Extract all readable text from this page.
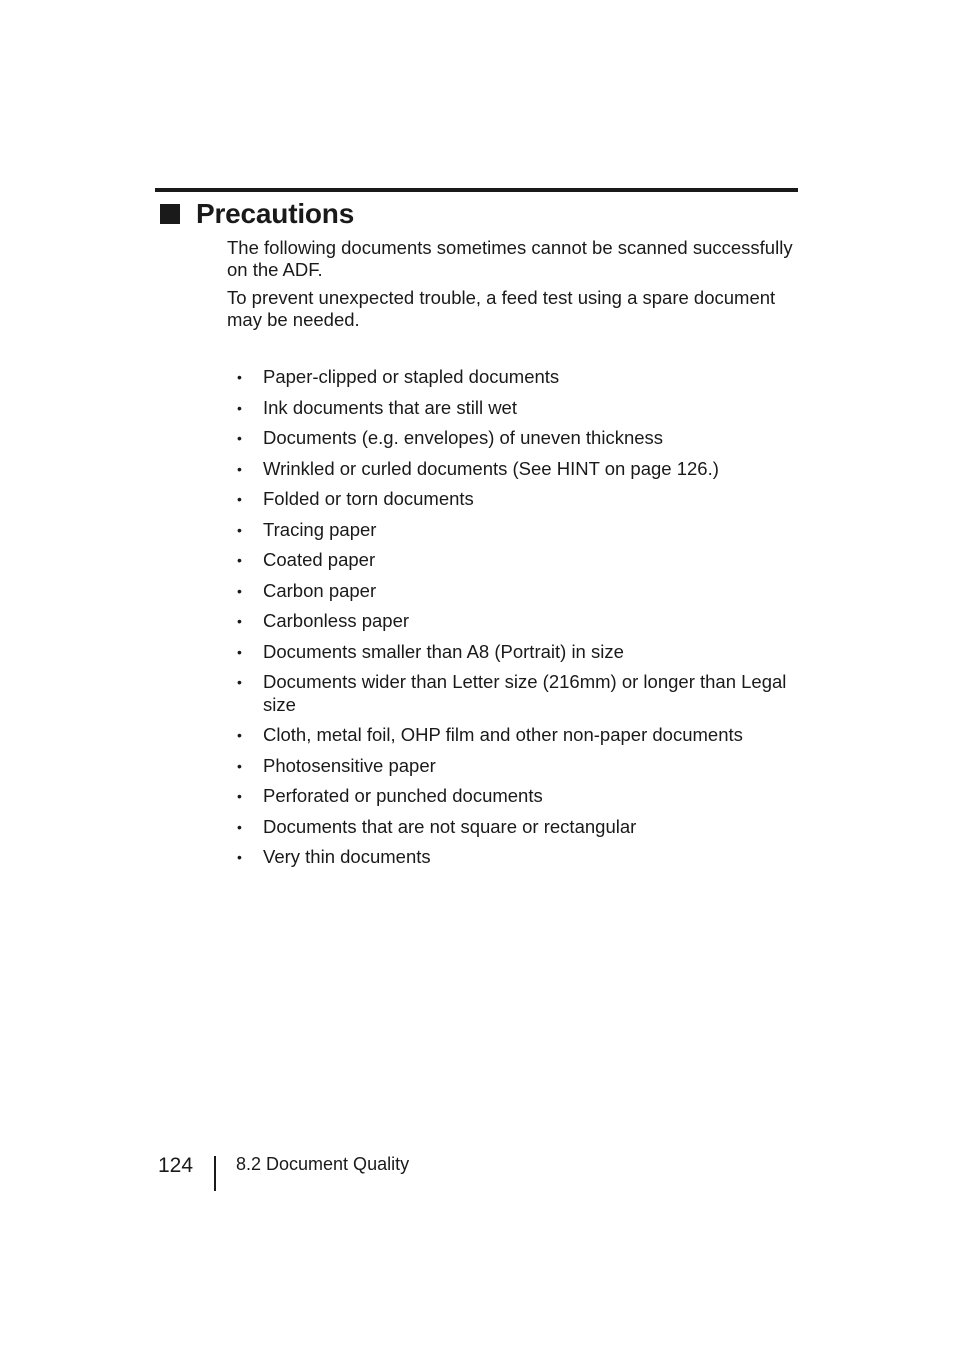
Precautions

The following documents sometimes cannot be scanned successfully on the ADF.

To prevent unexpected trouble, a feed test using a spare document may be needed.

• Paper-clipped or stapled documents
• Ink documents that are still wet
• Documents (e.g. envelopes) of uneven thickness
• Wrinkled or curled documents (See HINT on page 126.)
• Folded or torn documents
• Tracing paper
• Coated paper
• Carbon paper
• Carbonless paper
• Documents smaller than A8 (Portrait) in size
• Documents wider than Letter size (216mm) or longer than Legal size
• Cloth, metal foil, OHP film and other non-paper documents
• Photosensitive paper
• Perforated or punched documents
• Documents that are not square or rectangular
• Very thin documents
124 8.2 Document Quality
